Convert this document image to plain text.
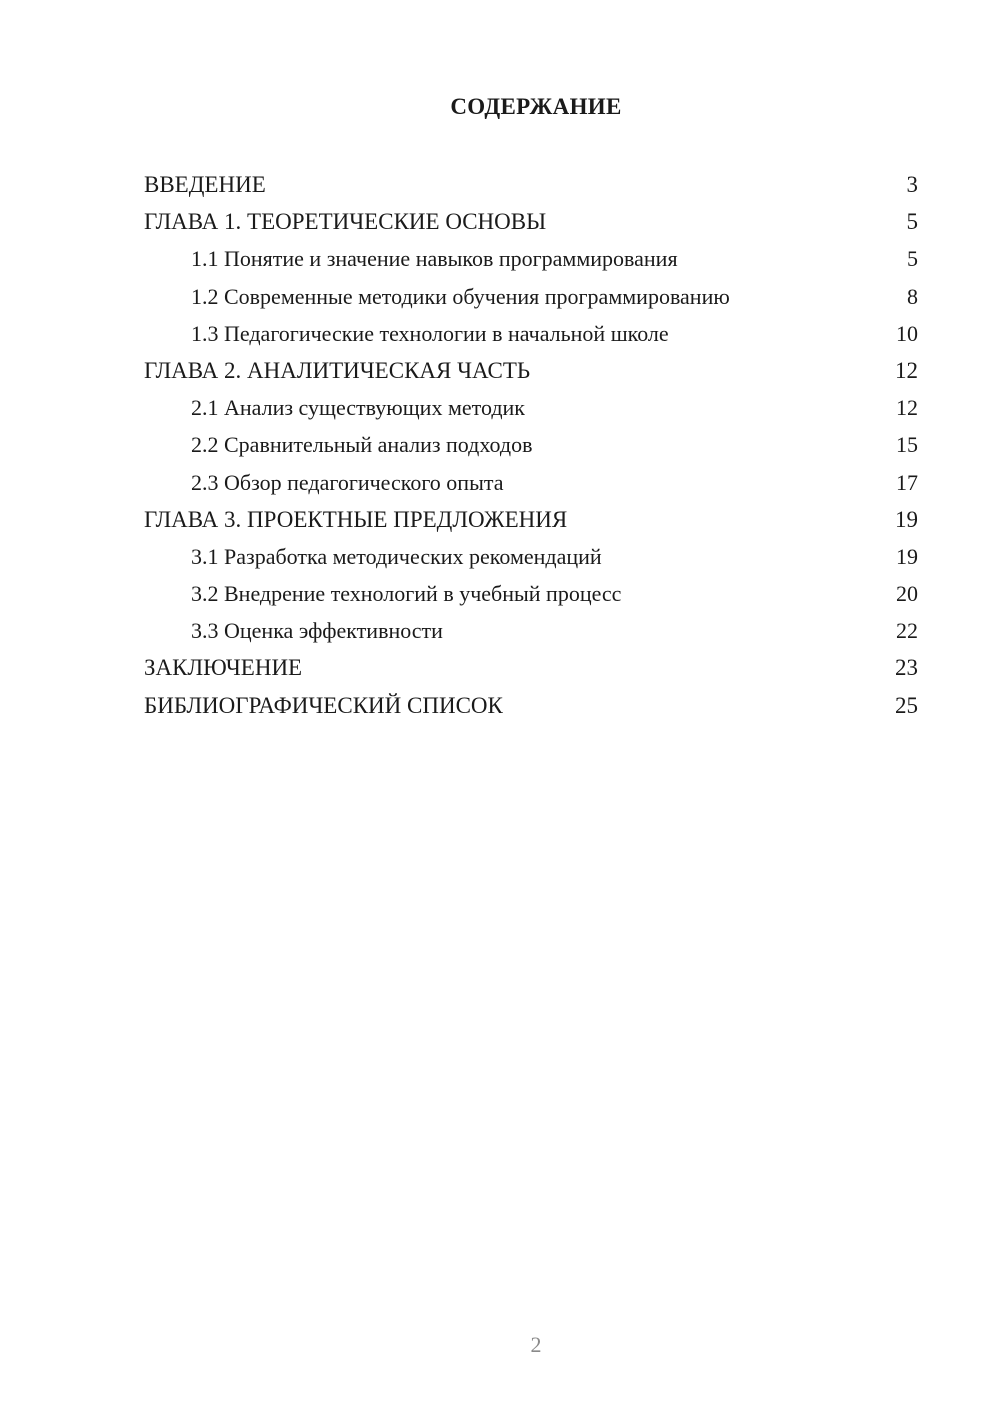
СОДЕРЖАНИЕ
ВВЕДЕНИЕ	3
ГЛАВА 1. ТЕОРЕТИЧЕСКИЕ ОСНОВЫ	5
1.1 Понятие и значение навыков программирования	5
1.2 Современные методики обучения программированию	8
1.3 Педагогические технологии в начальной школе	10
ГЛАВА 2. АНАЛИТИЧЕСКАЯ ЧАСТЬ	12
2.1 Анализ существующих методик	12
2.2 Сравнительный анализ подходов	15
2.3 Обзор педагогического опыта	17
ГЛАВА 3. ПРОЕКТНЫЕ ПРЕДЛОЖЕНИЯ	19
3.1 Разработка методических рекомендаций	19
3.2 Внедрение технологий в учебный процесс	20
3.3 Оценка эффективности	22
ЗАКЛЮЧЕНИЕ	23
БИБЛИОГРАФИЧЕСКИЙ СПИСОК	25
2
